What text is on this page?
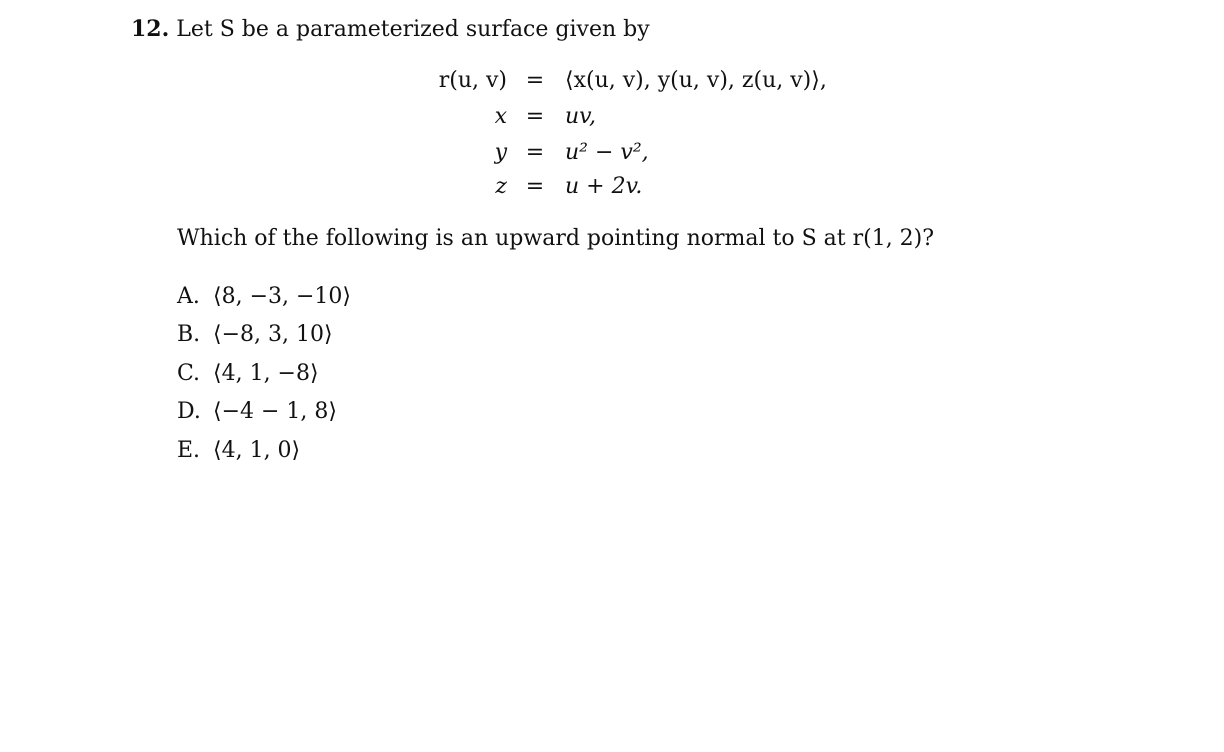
12. Let S be a parameterized surface given by
r(u, v) = ⟨x(u, v), y(u, v), z(u, v)⟩,
x = uv,
y = u² − v²,
z = u + 2v.
Which of the following is an upward pointing normal to S at r(1, 2)?
A. ⟨8, −3, −10⟩
B. ⟨−8, 3, 10⟩
C. ⟨4, 1, −8⟩
D. ⟨−4 − 1, 8⟩
E. ⟨4, 1, 0⟩
